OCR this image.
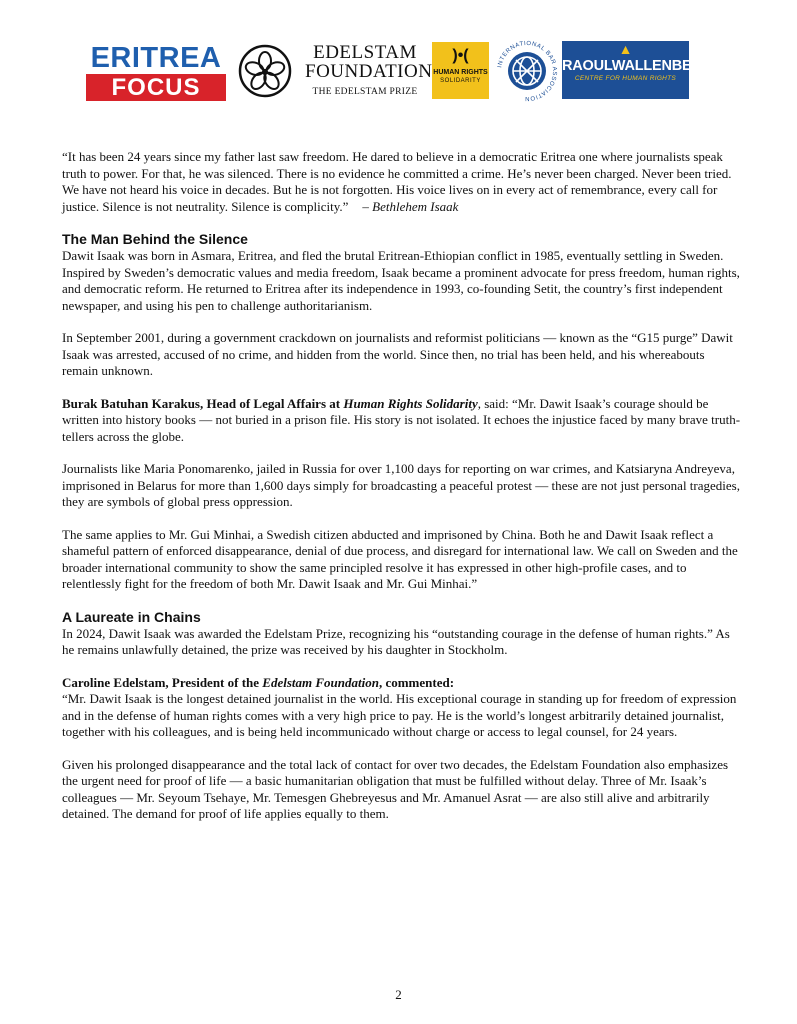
ERITREA
FOCUS
EDELSTAM
FOUNDATION
THE EDELSTAM PRIZE
)•(
HUMAN RIGHTS
SOLIDARITY
INTERNATIONAL BAR ASSOCIATION
▲
RAOULWALLENBERG
CENTRE FOR HUMAN RIGHTS

“It has been 24 years since my father last saw freedom. He dared to believe in a democratic Eritrea one where journalists speak truth to power. For that, he was silenced. There is no evidence he committed a crime. He’s never been charged. Never been tried. We have not heard his voice in decades. But he is not forgotten. His voice lives on in every act of remembrance, every call for justice. Silence is not neutrality. Silence is complicity.” – Bethlehem Isaak

The Man Behind the Silence

Dawit Isaak was born in Asmara, Eritrea, and fled the brutal Eritrean-Ethiopian conflict in 1985, eventually settling in Sweden. Inspired by Sweden’s democratic values and media freedom, Isaak became a prominent advocate for press freedom, human rights, and democratic reform. He returned to Eritrea after its independence in 1993, co-founding Setit, the country’s first independent newspaper, and using his pen to challenge authoritarianism.

In September 2001, during a government crackdown on journalists and reformist politicians — known as the “G15 purge” Dawit Isaak was arrested, accused of no crime, and hidden from the world. Since then, no trial has been held, and his whereabouts remain unknown.

Burak Batuhan Karakus, Head of Legal Affairs at Human Rights Solidarity, said: “Mr. Dawit Isaak’s courage should be written into history books — not buried in a prison file. His story is not isolated. It echoes the injustice faced by many brave truth-tellers across the globe.

Journalists like Maria Ponomarenko, jailed in Russia for over 1,100 days for reporting on war crimes, and Katsiaryna Andreyeva, imprisoned in Belarus for more than 1,600 days simply for broadcasting a peaceful protest — these are not just personal tragedies, they are symbols of global press oppression.

The same applies to Mr. Gui Minhai, a Swedish citizen abducted and imprisoned by China. Both he and Dawit Isaak reflect a shameful pattern of enforced disappearance, denial of due process, and disregard for international law. We call on Sweden and the broader international community to show the same principled resolve it has expressed in other high-profile cases, and to relentlessly fight for the freedom of both Mr. Dawit Isaak and Mr. Gui Minhai.”

A Laureate in Chains

In 2024, Dawit Isaak was awarded the Edelstam Prize, recognizing his “outstanding courage in the defense of human rights.” As he remains unlawfully detained, the prize was received by his daughter in Stockholm.

Caroline Edelstam, President of the Edelstam Foundation, commented:

“Mr. Dawit Isaak is the longest detained journalist in the world. His exceptional courage in standing up for freedom of expression and in the defense of human rights comes with a very high price to pay. He is the world’s longest arbitrarily detained journalist, together with his colleagues, and is being held incommunicado without charge or access to legal counsel, for 24 years.

Given his prolonged disappearance and the total lack of contact for over two decades, the Edelstam Foundation also emphasizes the urgent need for proof of life — a basic humanitarian obligation that must be fulfilled without delay. Three of Mr. Isaak’s colleagues — Mr. Seyoum Tsehaye, Mr. Temesgen Ghebreyesus and Mr. Amanuel Asrat — are also still alive and arbitrarily detained. The demand for proof of life applies equally to them.

2
